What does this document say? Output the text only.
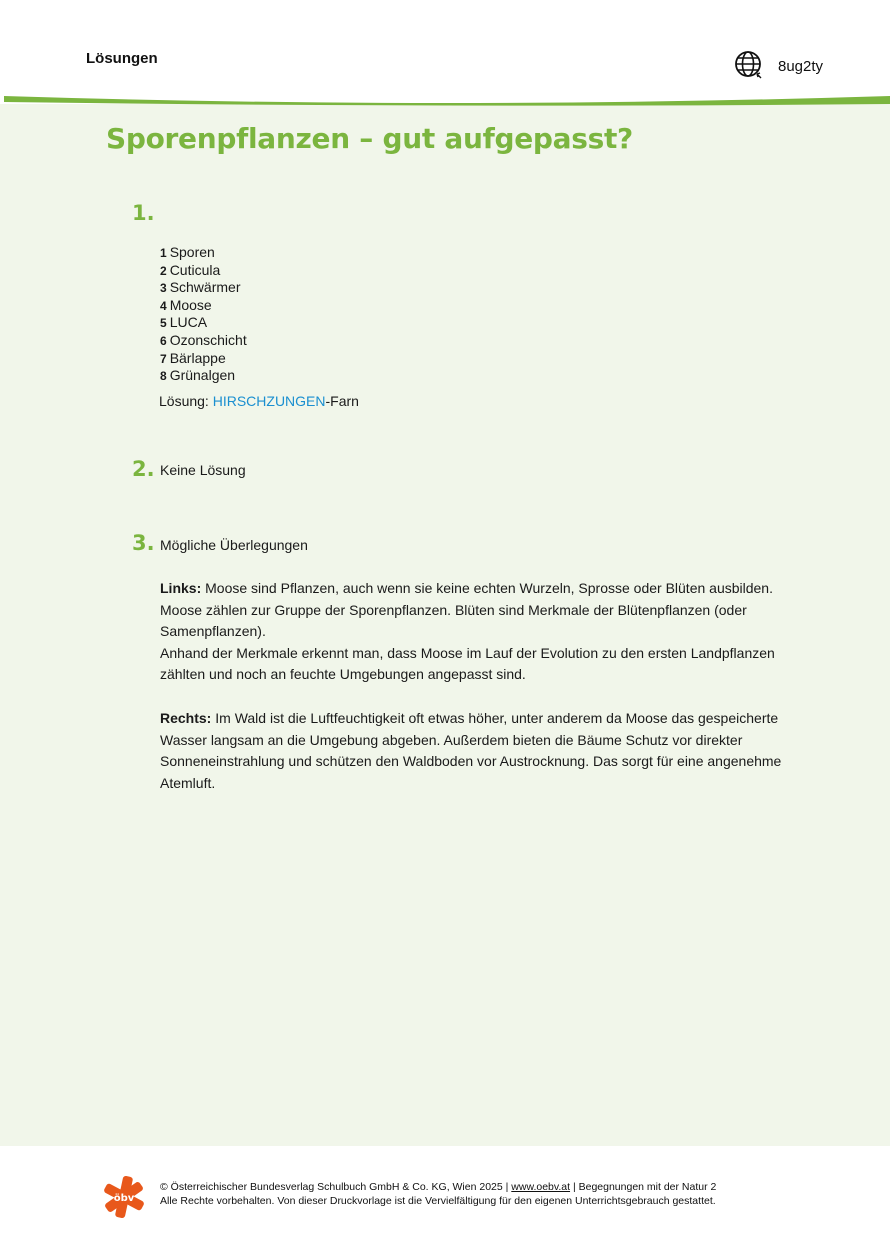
Lösungen	8ug2ty
Sporenpflanzen – gut aufgepasst?
1.
1 Sporen
2 Cuticula
3 Schwärmer
4 Moose
5 LUCA
6 Ozonschicht
7 Bärlappe
8 Grünalgen
Lösung: HIRSCHZUNGEN-Farn
2. Keine Lösung
3. Mögliche Überlegungen
Links: Moose sind Pflanzen, auch wenn sie keine echten Wurzeln, Sprosse oder Blüten ausbilden. Moose zählen zur Gruppe der Sporenpflanzen. Blüten sind Merkmale der Blütenpflanzen (oder Samenpflanzen).
Anhand der Merkmale erkennt man, dass Moose im Lauf der Evolution zu den ersten Landpflanzen zählten und noch an feuchte Umgebungen angepasst sind.
Rechts: Im Wald ist die Luftfeuchtigkeit oft etwas höher, unter anderem da Moose das gespeicherte Wasser langsam an die Umgebung abgeben. Außerdem bieten die Bäume Schutz vor direkter Sonneneinstrahlung und schützen den Waldboden vor Austrocknung. Das sorgt für eine angenehme Atemluft.
öbv
© Österreichischer Bundesverlag Schulbuch GmbH & Co. KG, Wien 2025 | www.oebv.at | Begegnungen mit der Natur 2
Alle Rechte vorbehalten. Von dieser Druckvorlage ist die Vervielfältigung für den eigenen Unterrichtsgebrauch gestattet.
